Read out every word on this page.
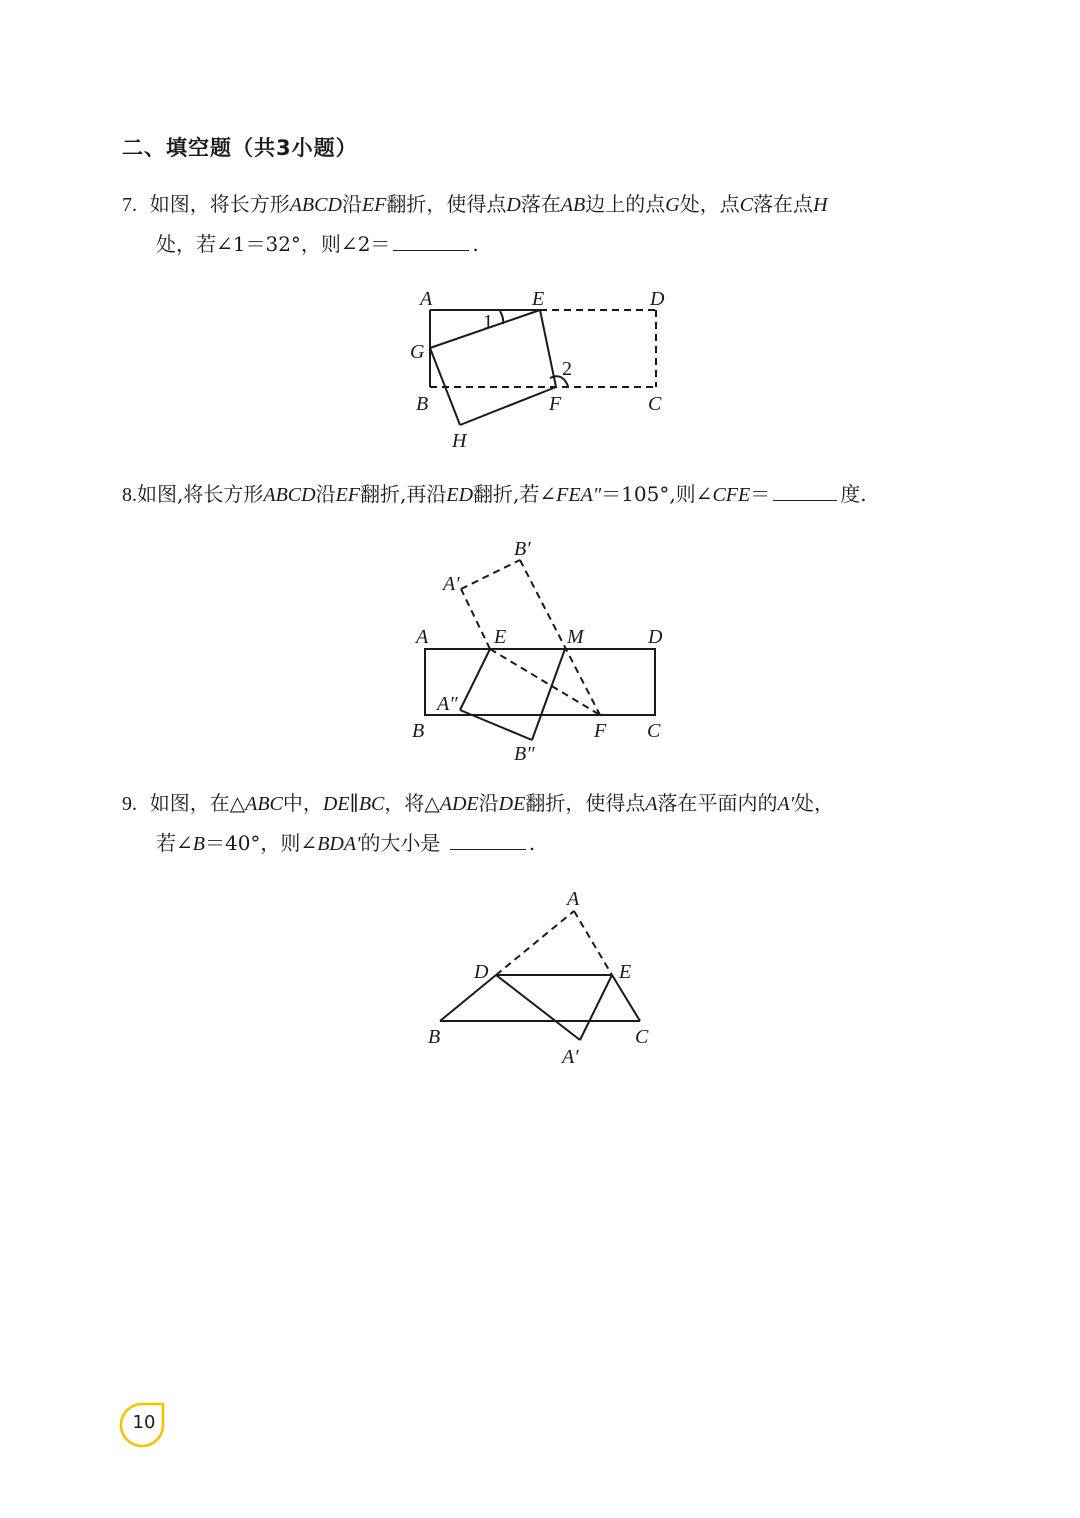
二、填空题（共3小题）
7. 如图，将长方形ABCD沿EF翻折，使得点D落在AB边上的点G处，点C落在点H
处，若∠1＝32°，则∠2＝	.
A	E	D
G
B	F	C
H
1
2
8.如图,将长方形ABCD沿EF翻折,再沿ED翻折,若∠FEA″＝105°,则∠CFE＝	度.
B′
A′
A	E	M	D
A″
B	F C
B″
9. 如图，在△ABC中，DE∥BC，将△ADE沿DE翻折，使得点A落在平面内的A'处，
若∠B＝40°，则∠BDA'的大小是	.
A
D	E
B	C
A′
10
